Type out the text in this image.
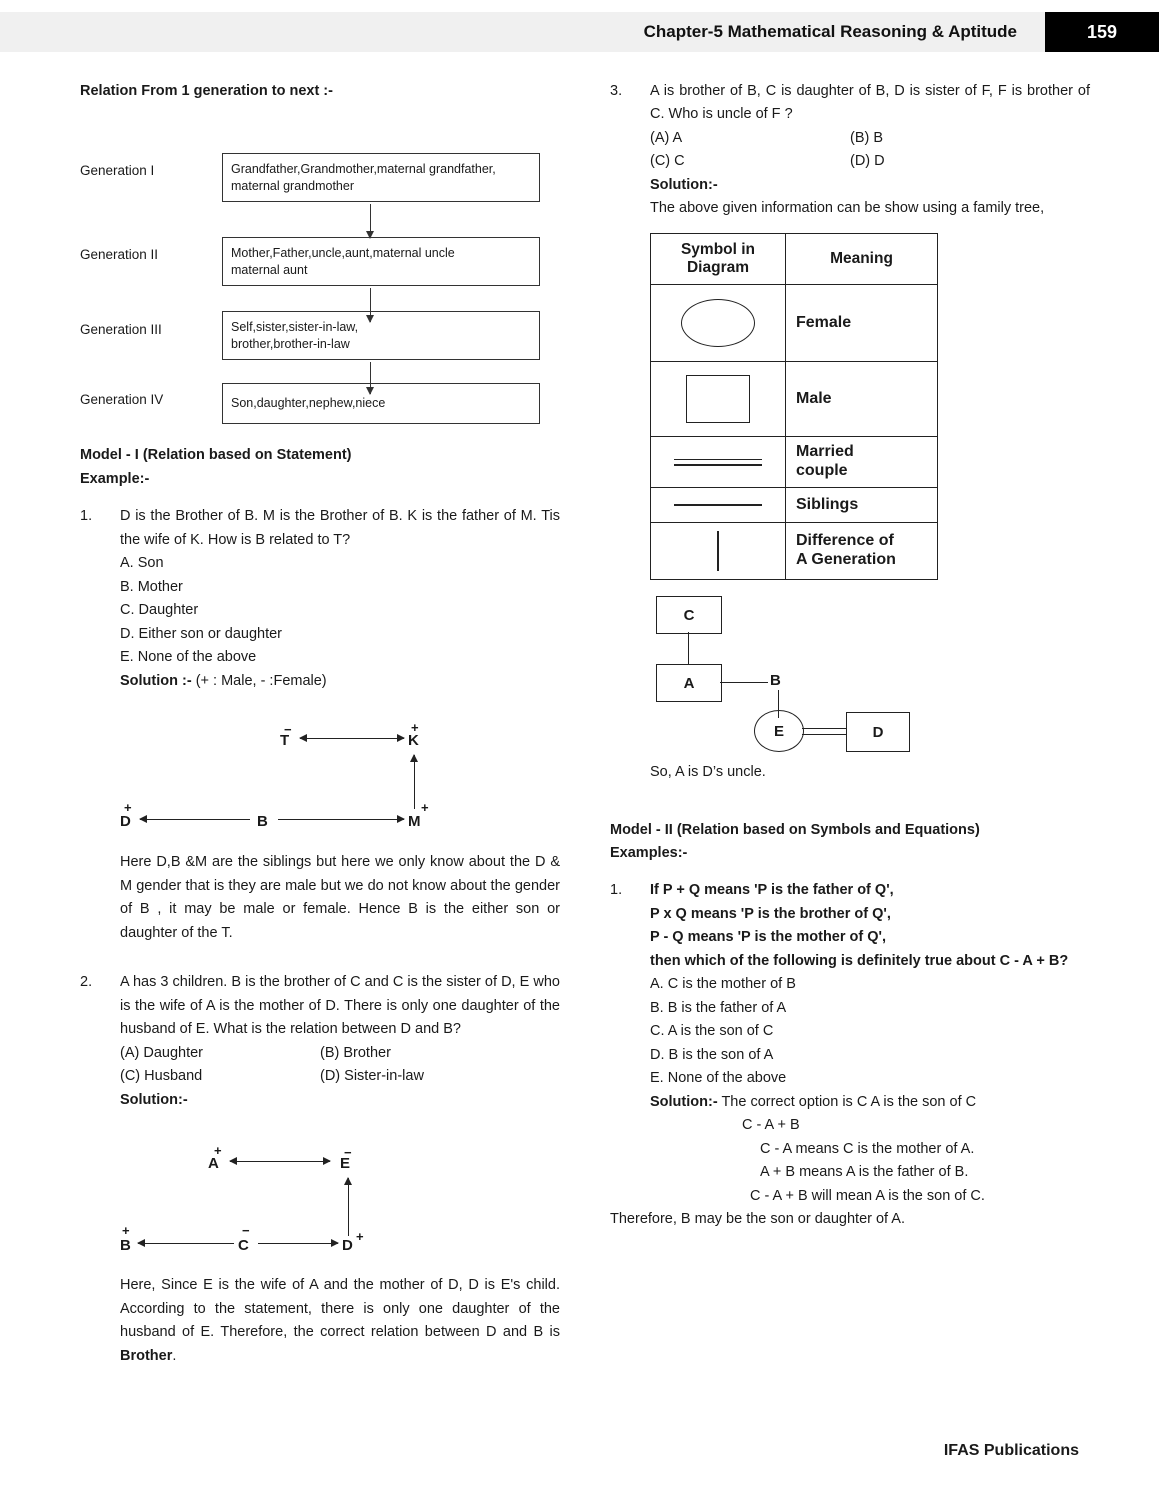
Chapter-5 Mathematical Reasoning & Aptitude	159
Relation From 1 generation to next :-
Generation I	Grandfather,Grandmother,maternal grandfather,
maternal grandmother
Generation II	Mother,Father,uncle,aunt,maternal uncle
maternal aunt
Generation III	Self,sister,sister-in-law,
brother,brother-in-law
Generation IV	Son,daughter,nephew,niece
Model - I (Relation based on Statement)
Example:-
1. D is the Brother of B. M is the Brother of B. K is the father of M. Tis the wife of K. How is B related to T?
A. Son
B. Mother
C. Daughter
D. Either son or daughter
E. None of the above
Solution :- (+ : Male, - :Female)
−
T
+
K
+
D	B
+
M
Here D,B &M are the siblings but here we only know about the D & M gender that is they are male but we do not know about the gender of B , it may be male or female. Hence B is the either son or daughter of the T.
2. A has 3 children. B is the brother of C and C is the sister of D, E who is the wife of A is the mother of D. There is only one daughter of the husband of E. What is the relation between D and B?
(A) Daughter	(B) Brother
(C) Husband	(D) Sister-in-law
Solution:-
+
A
−
E
+
B
−
C	D
+
Here, Since E is the wife of A and the mother of D, D is E's child. According to the statement, there is only one daughter of the husband of E. Therefore, the correct relation between D and B is Brother.
3. A is brother of B, C is daughter of B, D is sister of F, F is brother of C. Who is uncle of F ?
(A) A	(B) B
(C) C	(D) D
Solution:-
The above given information can be show using a family tree,
Symbol in
Diagram	Meaning

	Female

	Male

	Married
couple

	Siblings

	Difference of
A Generation
C
A	B
E	D
So, A is D’s uncle.
Model - II (Relation based on Symbols and Equations)
Examples:-
1. If P + Q means 'P is the father of Q',
P x Q means 'P is the brother of Q',
P - Q means 'P is the mother of Q',
then which of the following is definitely true about C - A + B?
A. C is the mother of B
B. B is the father of A
C. A is the son of C
D. B is the son of A
E. None of the above
Solution:- The correct option is C A is the son of C
C - A + B
C - A means C is the mother of A.
A + B means A is the father of B.
C - A + B will mean A is the son of C.
Therefore, B may be the son or daughter of A.
IFAS Publications
